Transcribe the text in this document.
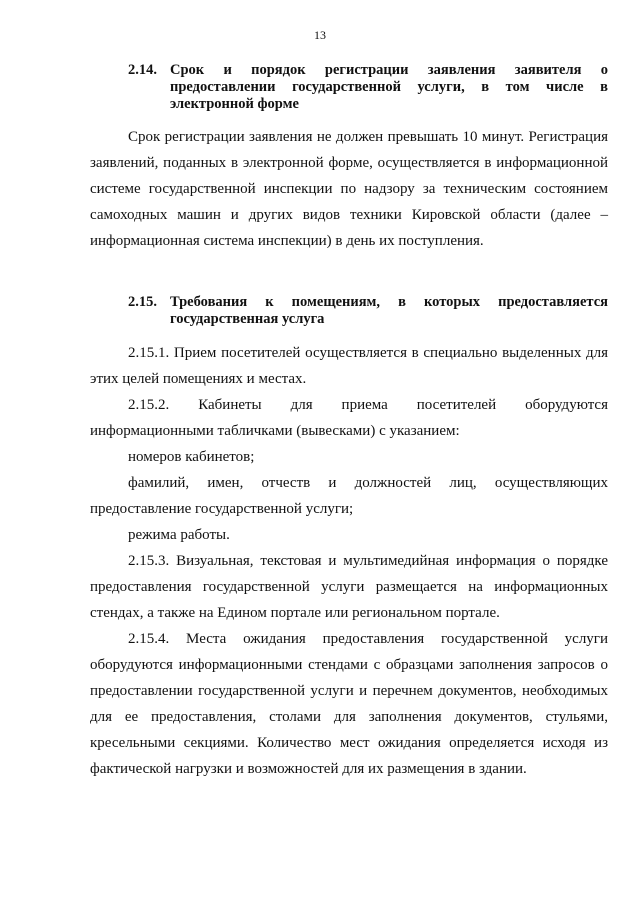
13
2.14. Срок и порядок регистрации заявления заявителя о предоставлении государственной услуги, в том числе в электронной форме

Срок регистрации заявления не должен превышать 10 минут. Регистрация заявлений, поданных в электронной форме, осуществляется в информационной системе государственной инспекции по надзору за техническим состоянием самоходных машин и других видов техники Кировской области (далее – информационная система инспекции) в день их поступления.

2.15. Требования к помещениям, в которых предоставляется государственная услуга

2.15.1. Прием посетителей осуществляется в специально выделенных для этих целей помещениях и местах.

2.15.2. Кабинеты для приема посетителей оборудуются информационными табличками (вывесками) с указанием:

номеров кабинетов;

фамилий, имен, отчеств и должностей лиц, осуществляющих предоставление государственной услуги;

режима работы.

2.15.3. Визуальная, текстовая и мультимедийная информация о порядке предоставления государственной услуги размещается на информационных стендах, а также на Едином портале или региональном портале.

2.15.4. Места ожидания предоставления государственной услуги оборудуются информационными стендами с образцами заполнения запросов о предоставлении государственной услуги и перечнем документов, необходимых для ее предоставления, столами для заполнения документов, стульями, кресельными секциями. Количество мест ожидания определяется исходя из фактической нагрузки и возможностей для их размещения в здании.
